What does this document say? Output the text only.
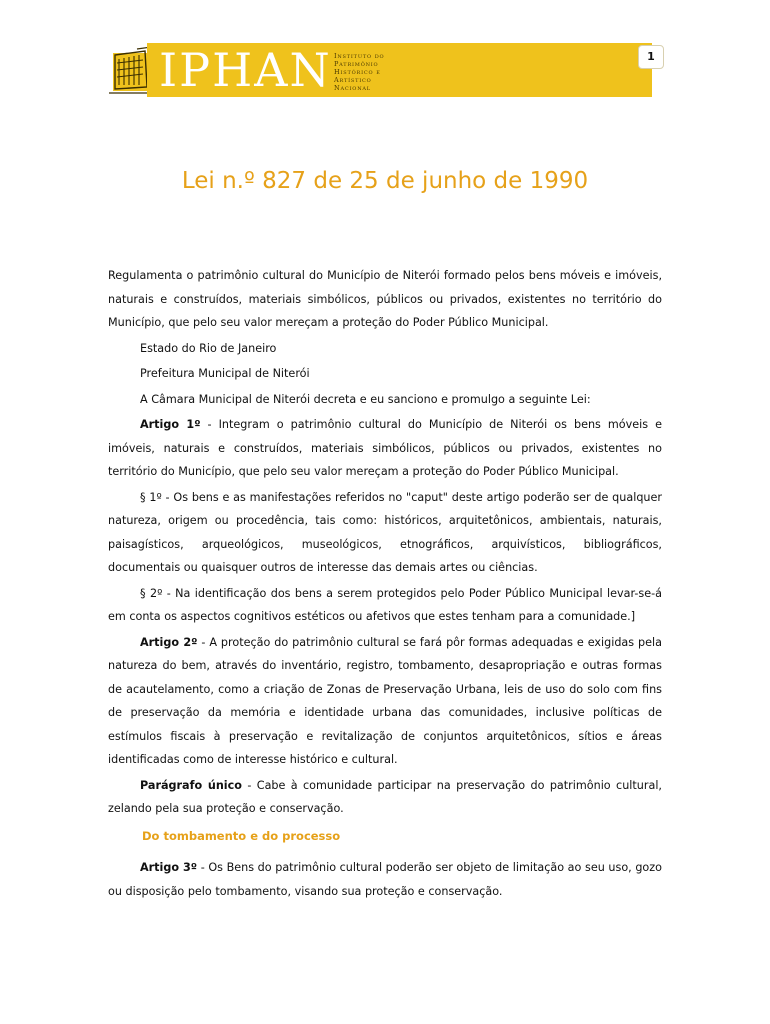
IPHAN Instituto do
Patrimônio
Histórico e
Artístico
Nacional
1
Lei n.º 827 de 25 de junho de 1990

Regulamenta o patrimônio cultural do Município de Niterói formado pelos bens móveis e imóveis, naturais e construídos, materiais simbólicos, públicos ou privados, existentes no território do Município, que pelo seu valor mereçam a proteção do Poder Público Municipal.

Estado do Rio de Janeiro

Prefeitura Municipal de Niterói

A Câmara Municipal de Niterói decreta e eu sanciono e promulgo a seguinte Lei:

Artigo 1º - Integram o patrimônio cultural do Município de Niterói os bens móveis e imóveis, naturais e construídos, materiais simbólicos, públicos ou privados, existentes no território do Município, que pelo seu valor mereçam a proteção do Poder Público Municipal.

§ 1º - Os bens e as manifestações referidos no "caput" deste artigo poderão ser de qualquer natureza, origem ou procedência, tais como: históricos, arquitetônicos, ambientais, naturais, paisagísticos, arqueológicos, museológicos, etnográficos, arquivísticos, bibliográficos, documentais ou quaisquer outros de interesse das demais artes ou ciências.

§ 2º - Na identificação dos bens a serem protegidos pelo Poder Público Municipal levar-se-á em conta os aspectos cognitivos estéticos ou afetivos que estes tenham para a comunidade.]

Artigo 2º - A proteção do patrimônio cultural se fará pôr formas adequadas e exigidas pela natureza do bem, através do inventário, registro, tombamento, desapropriação e outras formas de acautelamento, como a criação de Zonas de Preservação Urbana, leis de uso do solo com fins de preservação da memória e identidade urbana das comunidades, inclusive políticas de estímulos fiscais à preservação e revitalização de conjuntos arquitetônicos, sítios e áreas identificadas como de interesse histórico e cultural.

Parágrafo único - Cabe à comunidade participar na preservação do patrimônio cultural, zelando pela sua proteção e conservação.

Do tombamento e do processo

Artigo 3º - Os Bens do patrimônio cultural poderão ser objeto de limitação ao seu uso, gozo ou disposição pelo tombamento, visando sua proteção e conservação.
